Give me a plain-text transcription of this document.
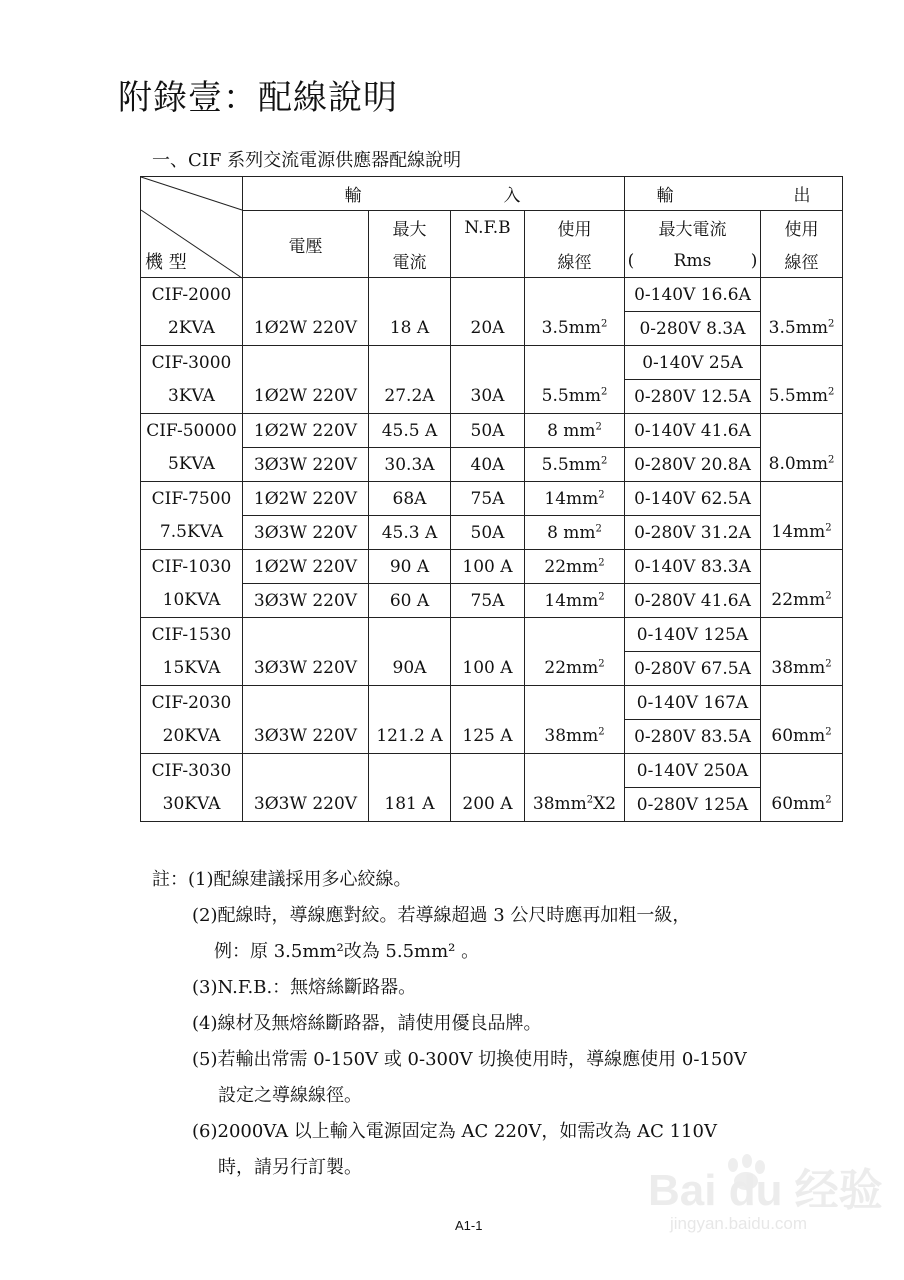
附錄壹：配線說明
一、CIF 系列交流電源供應器配線說明
機 型	輸 入				輸 出	
	電壓	最大	N.F.B	使用	最大電流	使用
		電流		線徑	( Rms )	線徑
CIF-2000					0-140V 16.6A	
2KVA	1Ø2W 220V	18 A	20A	$3.5mm^2$	0-280V 8.3A	$3.5mm^2$
CIF-3000					0-140V 25A	
3KVA	1Ø2W 220V	27.2A	30A	$5.5mm^2$	0-280V 12.5A	$5.5mm^2$
CIF-50000	1Ø2W 220V	45.5 A	50A	8 $mm^2$	0-140V 41.6A	
5KVA	3Ø3W 220V	30.3A	40A	$5.5mm^2$	0-280V 20.8A	$8.0mm^2$
CIF-7500	1Ø2W 220V	68A	75A	$14mm^2$	0-140V 62.5A	
7.5KVA	3Ø3W 220V	45.3 A	50A	8 $mm^2$	0-280V 31.2A	$14mm^2$
CIF-1030	1Ø2W 220V	90 A	100 A	$22mm^2$	0-140V 83.3A	
10KVA	3Ø3W 220V	60 A	75A	$14mm^2$	0-280V 41.6A	$22mm^2$
CIF-1530					0-140V 125A	
15KVA	3Ø3W 220V	90A	100 A	$22mm^2$	0-280V 67.5A	$38mm^2$
CIF-2030					0-140V 167A	
20KVA	3Ø3W 220V	121.2 A	125 A	$38mm^2$	0-280V 83.5A	$60mm^2$
CIF-3030					0-140V 250A	
30KVA	3Ø3W 220V	181 A	200 A	$38mm^2X2$	0-280V 125A	$60mm^2$
註：(1)配線建議採用多心絞線。
(2)配線時，導線應對絞。若導線超過 3 公尺時應再加粗一級，
例：原 3.5mm²改為 5.5mm² 。
(3)N.F.B.：無熔絲斷路器。
(4)線材及無熔絲斷路器，請使用優良品牌。
(5)若輸出常需 0-150V 或 0-300V 切換使用時，導線應使用 0-150V
設定之導線線徑。
(6)2000VA 以上輸入電源固定為 AC 220V，如需改為 AC 110V
時，請另行訂製。
A1-1
Bai du 经验
jingyan.baidu.com
